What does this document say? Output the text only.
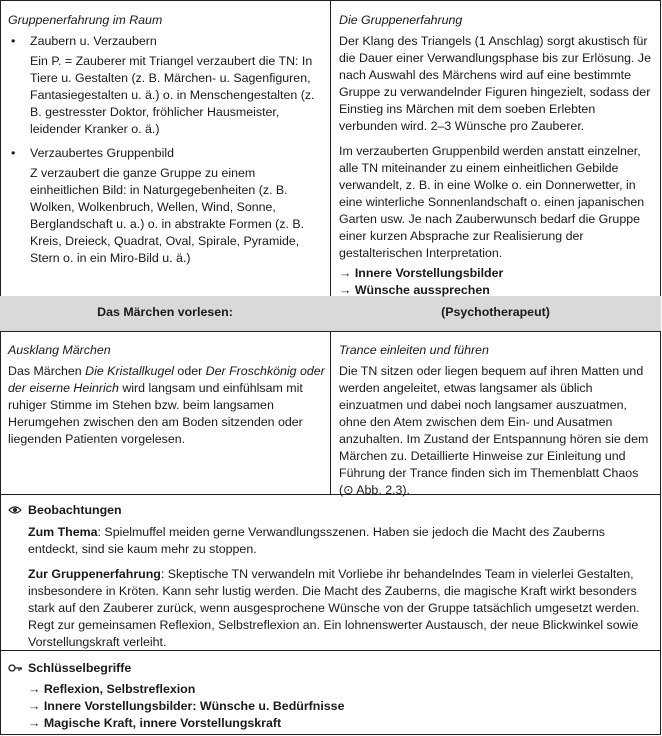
Das Märchen vorlesen:	(Psychotherapeut)

Gruppenerfahrung im Raum

• Zaubern u. Verzaubern

Ein P. = Zauberer mit Triangel verzaubert die TN: In Tiere u. Gestalten (z. B. Märchen- u. Sagenfiguren, Fantasiegestalten u. ä.) o. in Menschengestalten (z. B. gestresster Doktor, fröhlicher Hausmeister, leidender Kranker o. ä.)

• Verzaubertes Gruppenbild

Z verzaubert die ganze Gruppe zu einem einheitlichen Bild: in Naturgegebenheiten (z. B. Wolken, Wolkenbruch, Wellen, Wind, Sonne, Berglandschaft u. a.) o. in abstrakte Formen (z. B. Kreis, Dreieck, Quadrat, Oval, Spirale, Pyramide, Stern o. in ein Miro-Bild u. ä.)

Die Gruppenerfahrung

Der Klang des Triangels (1 Anschlag) sorgt akustisch für die Dauer einer Verwandlungsphase bis zur Erlösung. Je nach Auswahl des Märchens wird auf eine bestimmte Gruppe zu verwandelnder Figuren hingezielt, sodass der Einstieg ins Märchen mit dem soeben Erlebten verbunden wird. 2–3 Wünsche pro Zauberer.

Im verzauberten Gruppenbild werden anstatt einzelner, alle TN miteinander zu einem einheitlichen Gebilde verwandelt, z. B. in eine Wolke o. ein Donnerwetter, in eine winterliche Sonnenlandschaft o. einen japanischen Garten usw. Je nach Zauberwunsch bedarf die Gruppe einer kurzen Absprache zur Realisierung der gestalterischen Interpretation.

→ Innere Vorstellungsbilder

→ Wünsche aussprechen

Ausklang Märchen

Das Märchen Die Kristallkugel oder Der Froschkönig oder der eiserne Heinrich wird langsam und einfühlsam mit ruhiger Stimme im Stehen bzw. beim langsamen Herumgehen zwischen den am Boden sitzenden oder liegenden Patienten vorgelesen.

Trance einleiten und führen

Die TN sitzen oder liegen bequem auf ihren Matten und werden angeleitet, etwas langsamer als üblich einzuatmen und dabei noch langsamer auszuatmen, ohne den Atem zwischen dem Ein- und Ausatmen anzuhalten. Im Zustand der Entspannung hören sie dem Märchen zu. Detaillierte Hinweise zur Einleitung und Führung der Trance finden sich im Themenblatt Chaos (⊙ Abb. 2.3).

Beobachtungen

Zum Thema: Spielmuffel meiden gerne Verwandlungsszenen. Haben sie jedoch die Macht des Zauberns entdeckt, sind sie kaum mehr zu stoppen.

Zur Gruppenerfahrung: Skeptische TN verwandeln mit Vorliebe ihr behandelndes Team in vielerlei Gestalten, insbesondere in Kröten. Kann sehr lustig werden. Die Macht des Zauberns, die magische Kraft wirkt besonders stark auf den Zauberer zurück, wenn ausgesprochene Wünsche von der Gruppe tatsächlich umgesetzt werden. Regt zur gemeinsamen Reflexion, Selbstreflexion an. Ein lohnenswerter Austausch, der neue Blickwinkel sowie Vorstellungskraft verleiht.

Schlüsselbegriffe

→ Reflexion, Selbstreflexion

→ Innere Vorstellungsbilder: Wünsche u. Bedürfnisse

→ Magische Kraft, innere Vorstellungskraft
